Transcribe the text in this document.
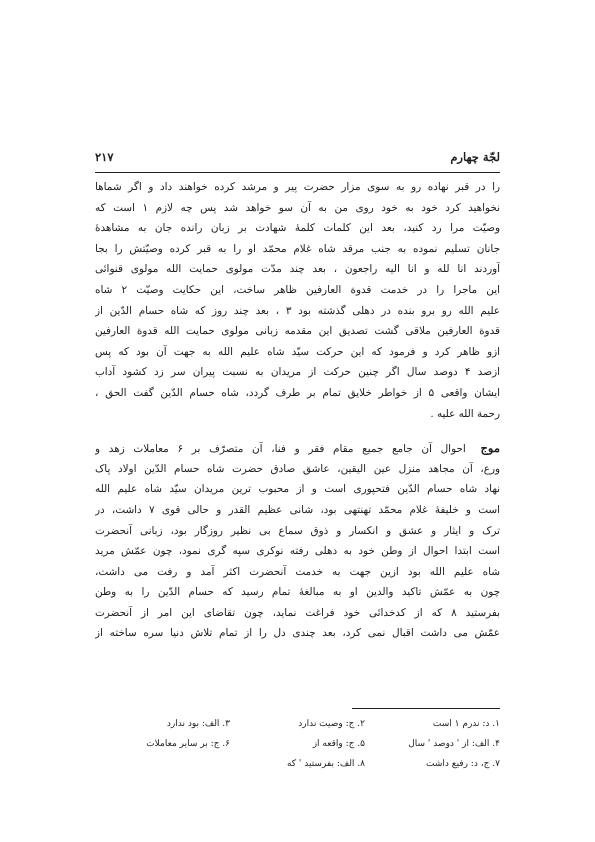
لجّة چهارم
۲۱۷
را در قبر نهاده رو به سوی مزار حضرت پیر و مرشد کرده خواهند داد و اگر شماها
نخواهید کرد خود به خود روی من به آن سو خواهد شد پس چه لازم ۱ است که
وصیّت مرا رد کنید، بعد این کلمات کلمهٔ شهادت بر زبان رانده جان به مشاهدهٔ
جانان تسلیم نموده به جنب مرقد شاه غلام محمّد او را به قبر کرده وصیّتش را بجا
آوردند انا لله و انا الیه راجعون ، بعد چند مدّت مولوی حمایت الله مولوی قنوائی
این ماجرا را در خدمت قدوة العارفین ظاهر ساخت، این حکایت وصیّت ۲ شاه
علیم الله رو برو بنده در دهلی گذشته بود ۳ ، بعد چند روز که شاه حسام الدّین از
قدوة العارفین ملاقی گشت تصدیق این مقدمه زبانی مولوی حمایت الله قدوة العارفین
ازو ظاهر کرد و فرمود که این حرکت سیّد شاه علیم الله به جهت آن بود که پس
ازصد ۴ دوصد سال اگر چنین حرکت از مریدان به نسبت پیران سر زد کشود آداب
ایشان واقعی ۵ از خواطر خلایق تمام بر طرف گردد، شاه حسام الدّین گفت الحق ،
رحمة الله علیه .
موج احوال آن جامع جمیع مقام فقر و فنا، آن متصرّف بر ۶ معاملات زهد و
ورع، آن مجاهد منزل عین الیقین، عاشق صادق حضرت شاه حسام الدّین اولاد پاک
نهاد شاه حسام الدّین فتحپوری است و از محبوب ترین مریدان سیّد شاه علیم الله
است و خلیفهٔ غلام محمّد تهنتهی بود، شانی عظیم القدر و حالی قوی ۷ داشت، در
ترک و ایثار و عشق و انکسار و ذوق سماع بی نظیر روزگار بود، زبانی آنحضرت
است ابتدا احوال از وطن خود به دهلی رفته نوکری سپه گری نمود، چون عمّش مرید
شاه علیم الله بود ازین جهت به خدمت آنحضرت اکثر آمد و رفت می داشت،
چون به عمّش تاکید والدین او به مبالغهٔ تمام رسید که حسام الدّین را به وطن
بفرستید ۸ که از کدخدائی خود فراغت نماید، چون تقاضای این امر از آنحضرت
عمّش می داشت اقبال نمی کرد، بعد چندی دل را از تمام تلاش دنیا سره ساخته از
۱. د: ندرم ۱ است
۲. ج: وصیت ندارد
۳. الف: بود ندارد
۴. الف: از ' دوصد ' سال
۵. ج: واقعه از
۶. ج: بر سایر معاملات
۷. ج، د: رفیع داشت
۸. الف: بفرستید ' که
